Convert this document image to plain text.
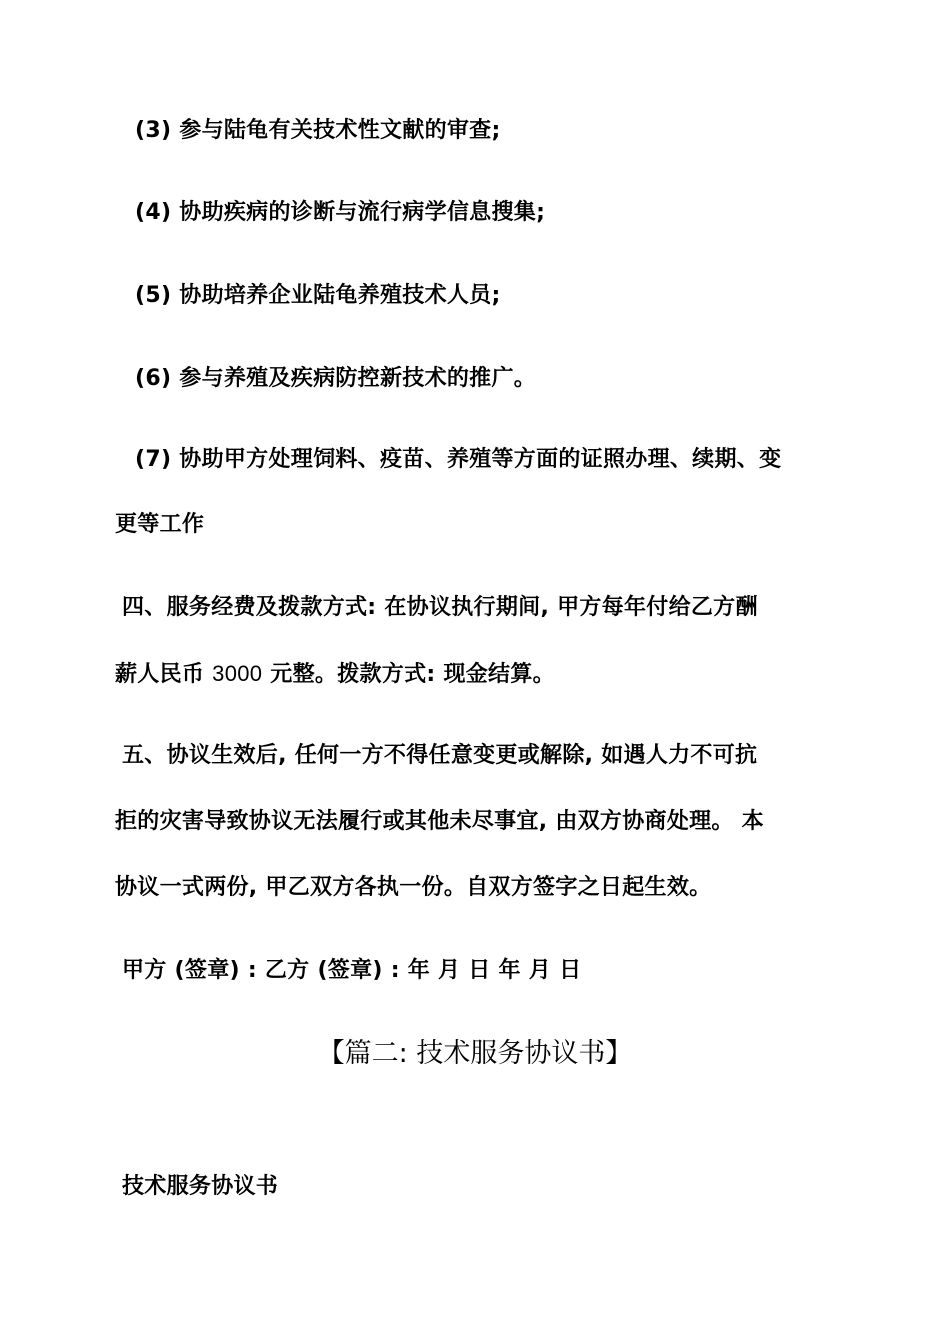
(3) 参与陆龟有关技术性文献的审查;
(4) 协助疾病的诊断与流行病学信息搜集;
(5) 协助培养企业陆龟养殖技术人员;
(6) 参与养殖及疾病防控新技术的推广。
(7) 协助甲方处理饲料、疫苗、养殖等方面的证照办理、续期、变
更等工作
四、服务经费及拨款方式: 在协议执行期间, 甲方每年付给乙方酬
薪人民币 3000 元整。拨款方式: 现金结算。
五、协议生效后, 任何一方不得任意变更或解除, 如遇人力不可抗
拒的灾害导致协议无法履行或其他未尽事宜, 由双方协商处理。 本
协议一式两份, 甲乙双方各执一份。自双方签字之日起生效。
甲方 (签章) : 乙方 (签章) : 年 月 日 年 月 日
【篇二: 技术服务协议书】
技术服务协议书
